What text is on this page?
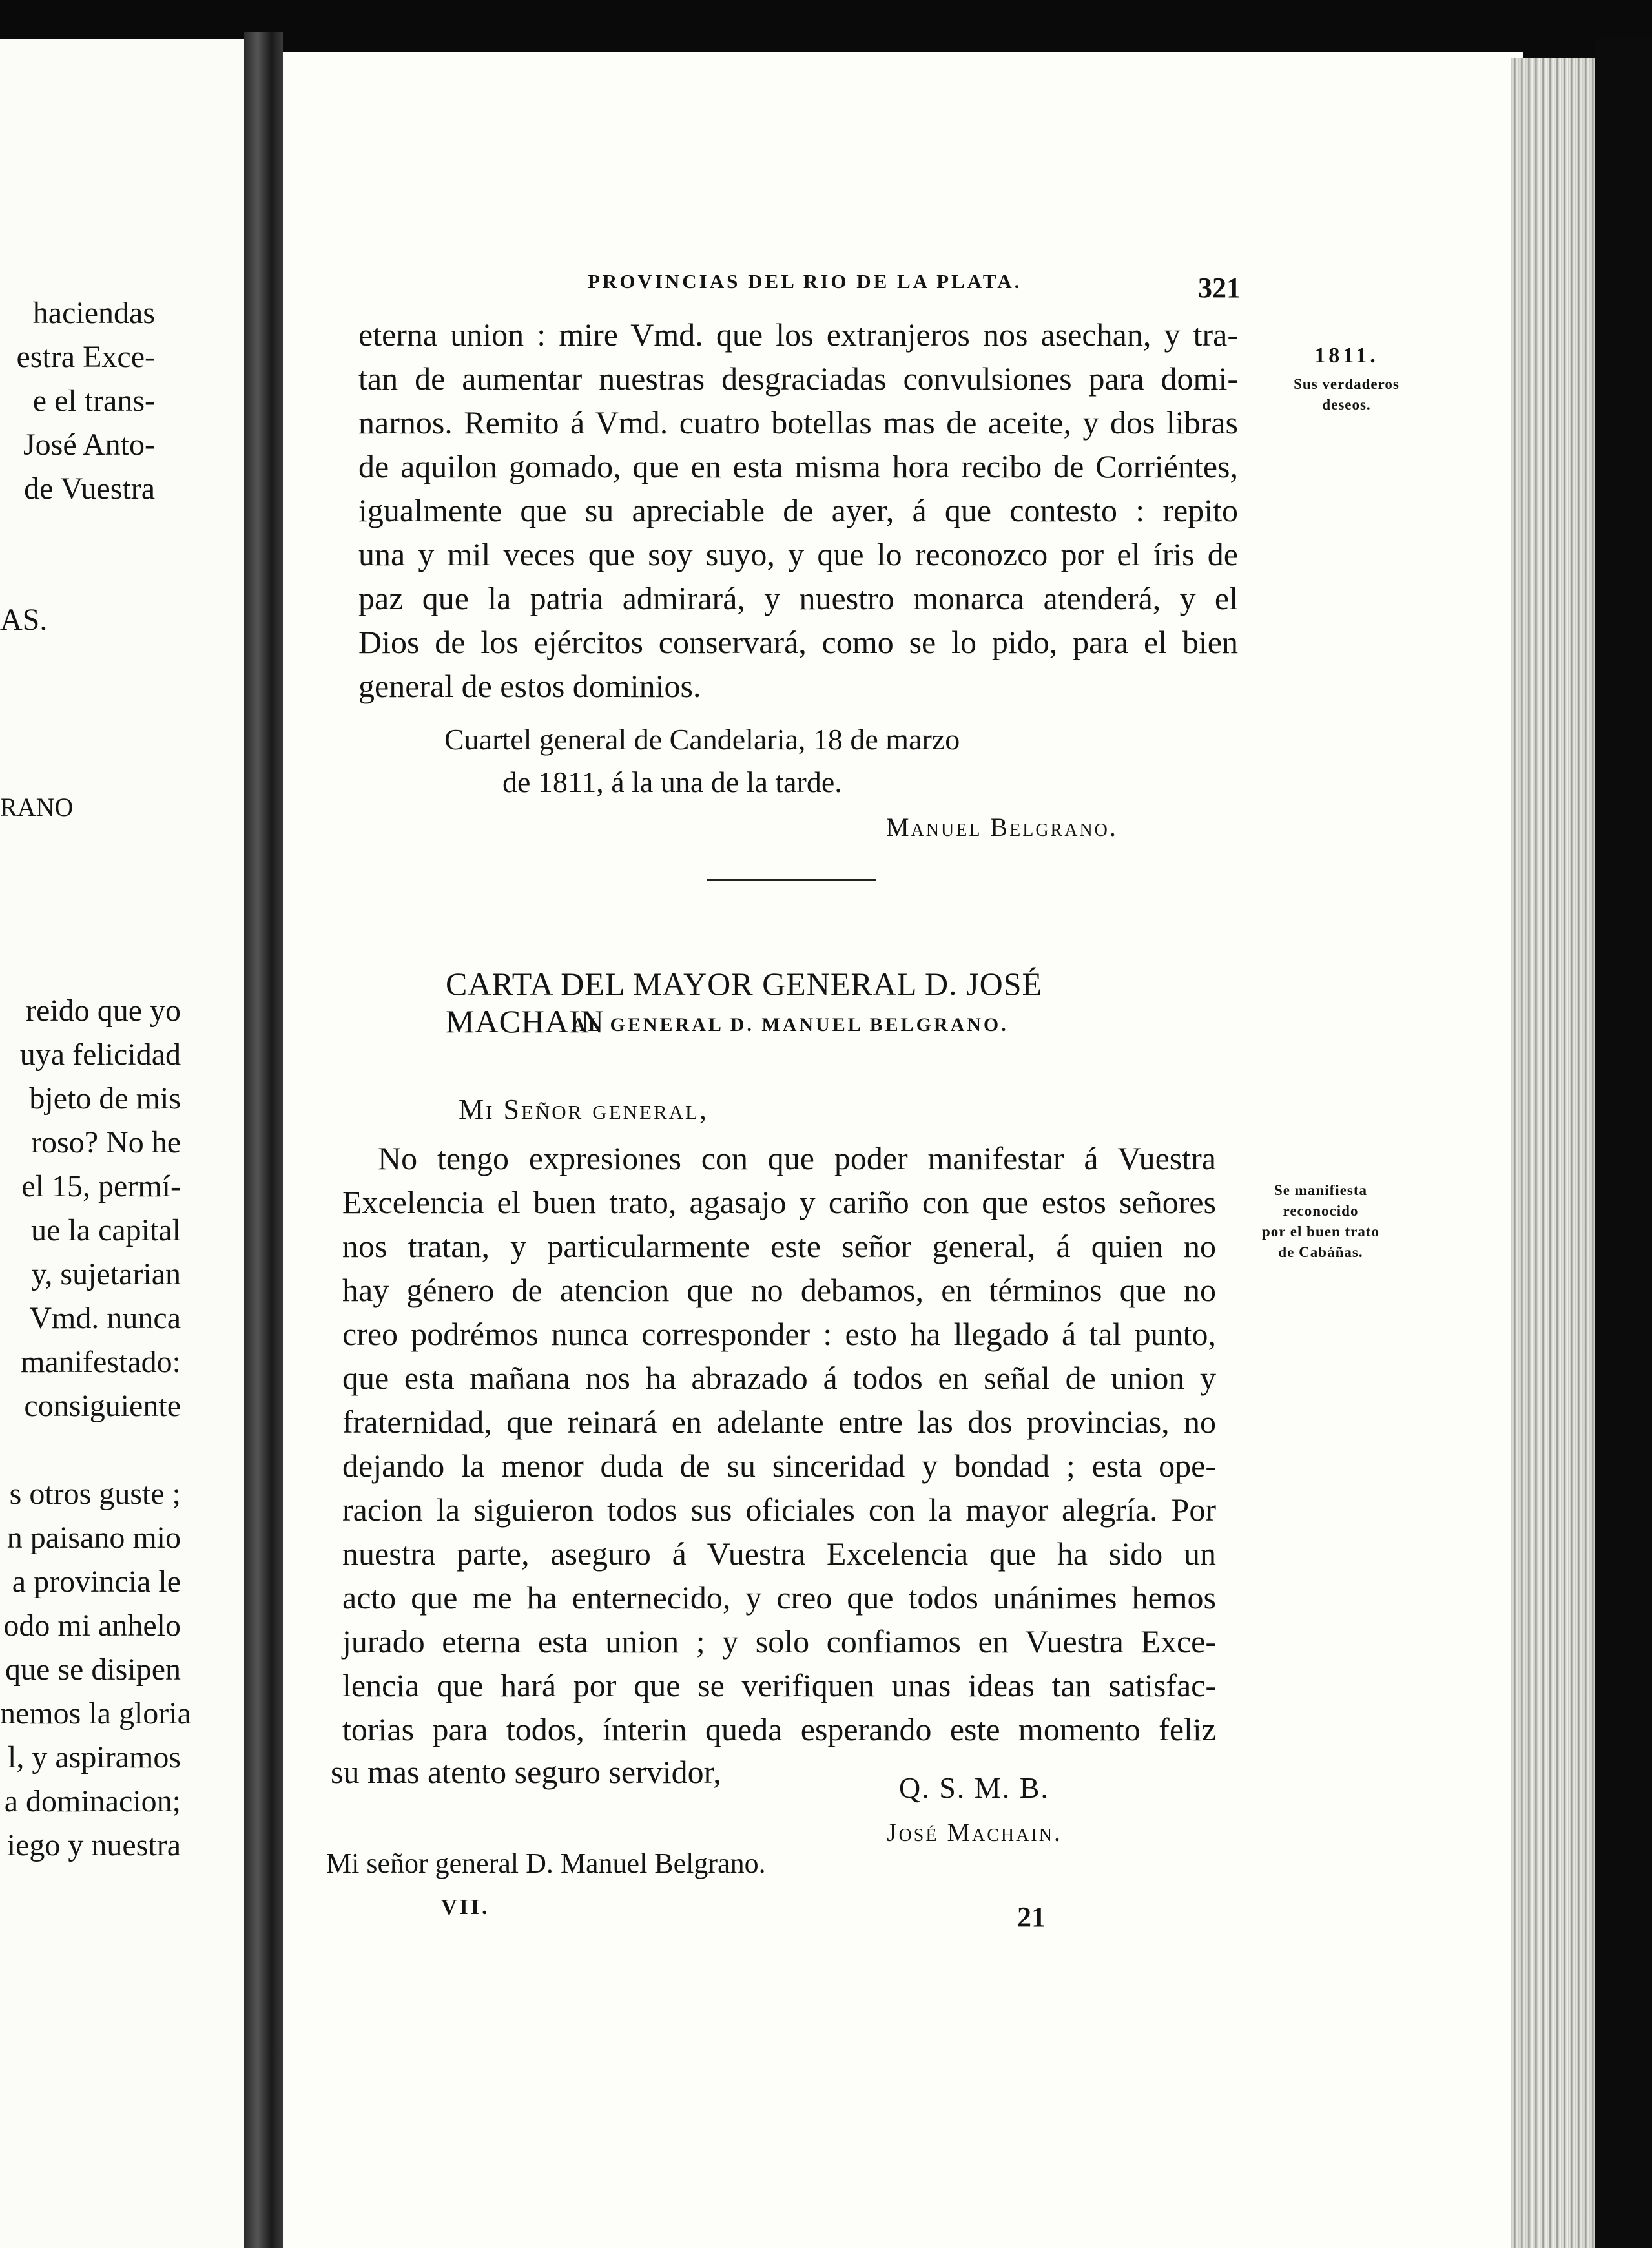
haciendas
estra Exce-
e el trans-
José Anto-
de Vuestra
AS.
RANO
reido que yo
uya felicidad
bjeto de mis
roso? No he
el 15, permí-
ue la capital
y, sujetarian
Vmd. nunca
manifestado:
consiguiente
s otros guste ;
n paisano mio
a provincia le
odo mi anhelo
que se disipen
nemos la gloria
l, y aspiramos
a dominacion;
iego y nuestra
PROVINCIAS DEL RIO DE LA PLATA.	321
1811.
Sus verdaderos
deseos.
Se manifiesta
reconocido
por el buen trato
de Cabáñas.
eterna union : mire Vmd. que los extranjeros nos asechan, y tra-
tan de aumentar nuestras desgraciadas convulsiones para domi-
narnos. Remito á Vmd. cuatro botellas mas de aceite, y dos libras
de aquilon gomado, que en esta misma hora recibo de Corriéntes,
igualmente que su apreciable de ayer, á que contesto : repito
una y mil veces que soy suyo, y que lo reconozco por el íris de
paz que la patria admirará, y nuestro monarca atenderá, y el
Dios de los ejércitos conservará, como se lo pido, para el bien
general de estos dominios.
Cuartel general de Candelaria, 18 de marzo
de 1811, á la una de la tarde.
Manuel Belgrano.
CARTA DEL MAYOR GENERAL D. JOSÉ MACHAIN
AL GENERAL D. MANUEL BELGRANO.
Mi Señor general,
No tengo expresiones con que poder manifestar á Vuestra
Excelencia el buen trato, agasajo y cariño con que estos señores
nos tratan, y particularmente este señor general, á quien no
hay género de atencion que no debamos, en términos que no
creo podrémos nunca corresponder : esto ha llegado á tal punto,
que esta mañana nos ha abrazado á todos en señal de union y
fraternidad, que reinará en adelante entre las dos provincias, no
dejando la menor duda de su sinceridad y bondad ; esta ope-
racion la siguieron todos sus oficiales con la mayor alegría. Por
nuestra parte, aseguro á Vuestra Excelencia que ha sido un
acto que me ha enternecido, y creo que todos unánimes hemos
jurado eterna esta union ; y solo confiamos en Vuestra Exce-
lencia que hará por que se verifiquen unas ideas tan satisfac-
torias para todos, ínterin queda esperando este momento feliz
su mas atento seguro servidor,	Q. S. M. B.
José Machain.
Mi señor general D. Manuel Belgrano.
VII.	21
